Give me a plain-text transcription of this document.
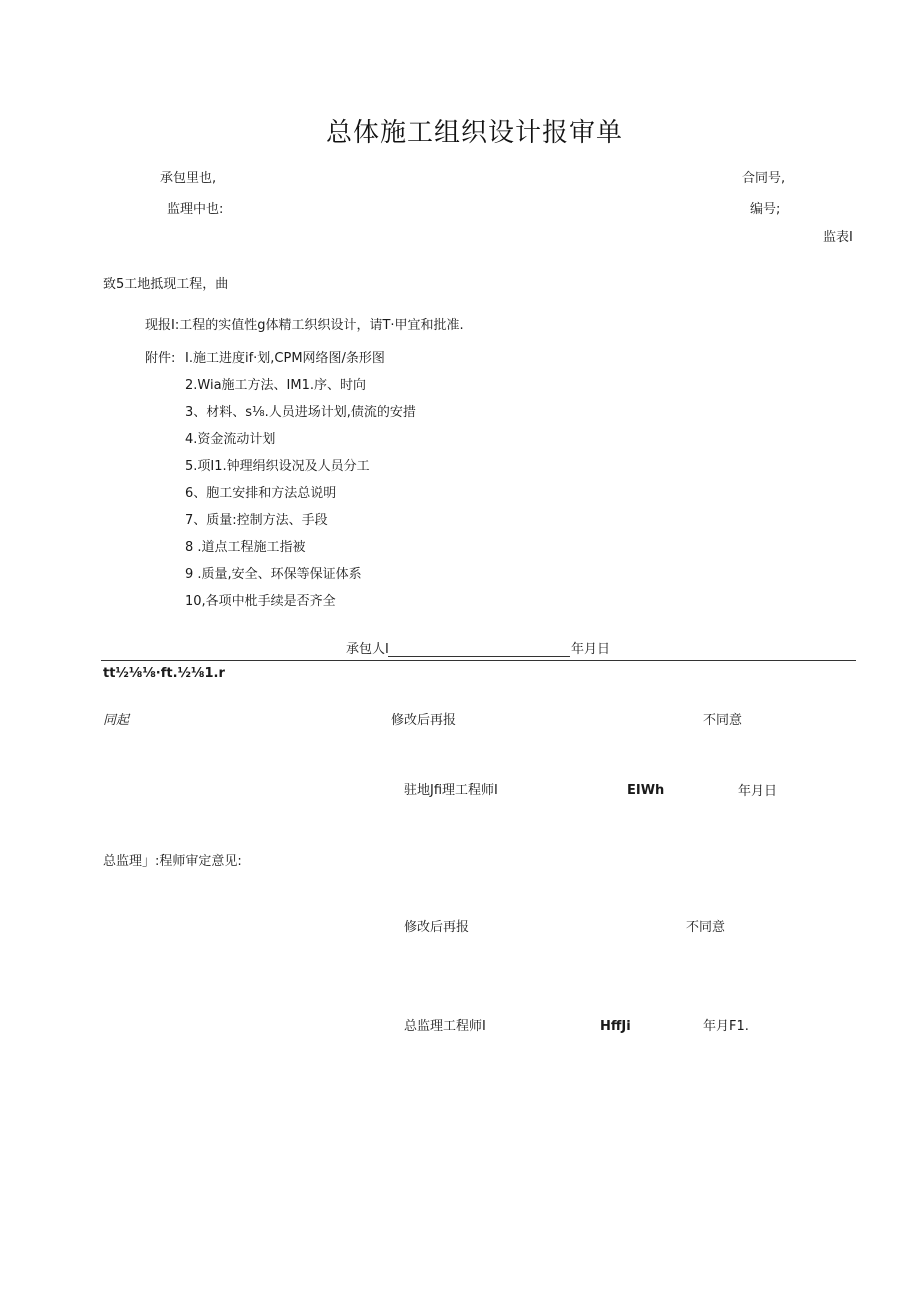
总体施工组织设计报审单
承包里也,	合同号,
监理中也:	编号;
监表I
致5工地抵现工程，曲
现报I:工程的实值性g体精工织织设计，请T·甲宜和批准.
附件: I.施工进度if·划,CPM网络图/条形图
2.Wia施工方法、IM1.序、时向
3、材料、s⅛.人员进场计划,债流的安措
4.资金流动计划
5.项I1.钟理绢织设况及人员分工
6、胞工安排和方法总说明
7、质量:控制方法、手段
8 .道点工程施工指被
9 .质量,安全、环保等保证体系
10,各项中枇手续是否齐全
承包人I	年月日
tt½⅛⅛·ft.½⅛1.r
同起	修改后再报	不同意
驻地Jfi理工程师I	EIWh	年月日
总监理」:程师审定意见:
修改后再报	不同意
总监理工程师I	HffJi	年月F1.
